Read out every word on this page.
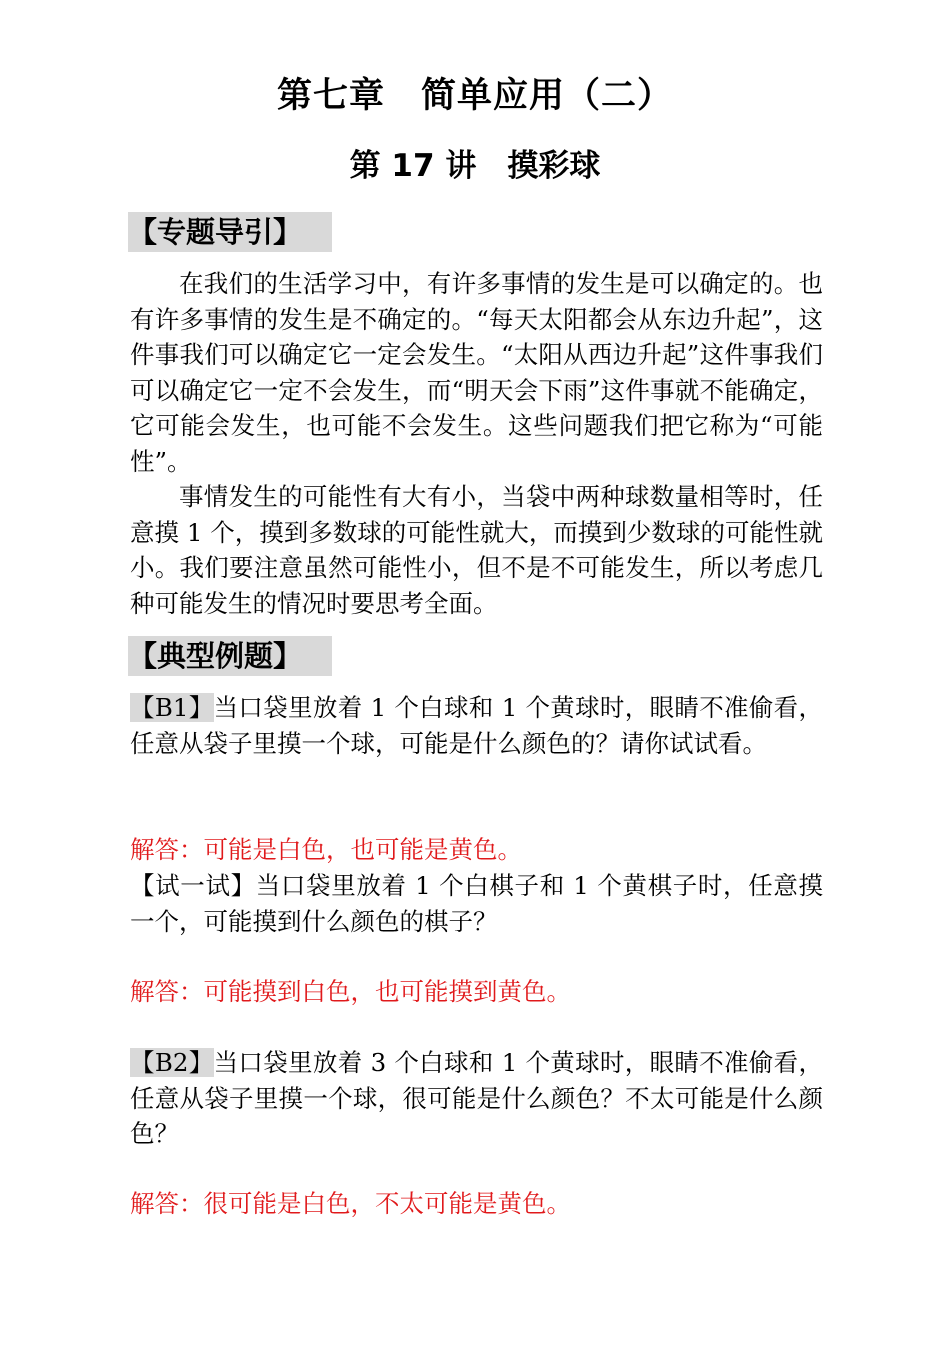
第七章　简单应用（二）
第 17 讲　摸彩球
【专题导引】
在我们的生活学习中，有许多事情的发生是可以确定的。也有许多事情的发生是不确定的。“每天太阳都会从东边升起”，这件事我们可以确定它一定会发生。“太阳从西边升起”这件事我们可以确定它一定不会发生，而“明天会下雨”这件事就不能确定，它可能会发生，也可能不会发生。这些问题我们把它称为“可能性”。
事情发生的可能性有大有小，当袋中两种球数量相等时，任意摸 1 个，摸到多数球的可能性就大，而摸到少数球的可能性就小。我们要注意虽然可能性小，但不是不可能发生，所以考虑几种可能发生的情况时要思考全面。
【典型例题】
【B1】当口袋里放着 1 个白球和 1 个黄球时，眼睛不准偷看，任意从袋子里摸一个球，可能是什么颜色的？请你试试看。
解答：可能是白色，也可能是黄色。
【试一试】当口袋里放着 1 个白棋子和 1 个黄棋子时，任意摸一个，可能摸到什么颜色的棋子？
解答：可能摸到白色，也可能摸到黄色。
【B2】当口袋里放着 3 个白球和 1 个黄球时，眼睛不准偷看，任意从袋子里摸一个球，很可能是什么颜色？不太可能是什么颜色？
解答：很可能是白色，不太可能是黄色。
